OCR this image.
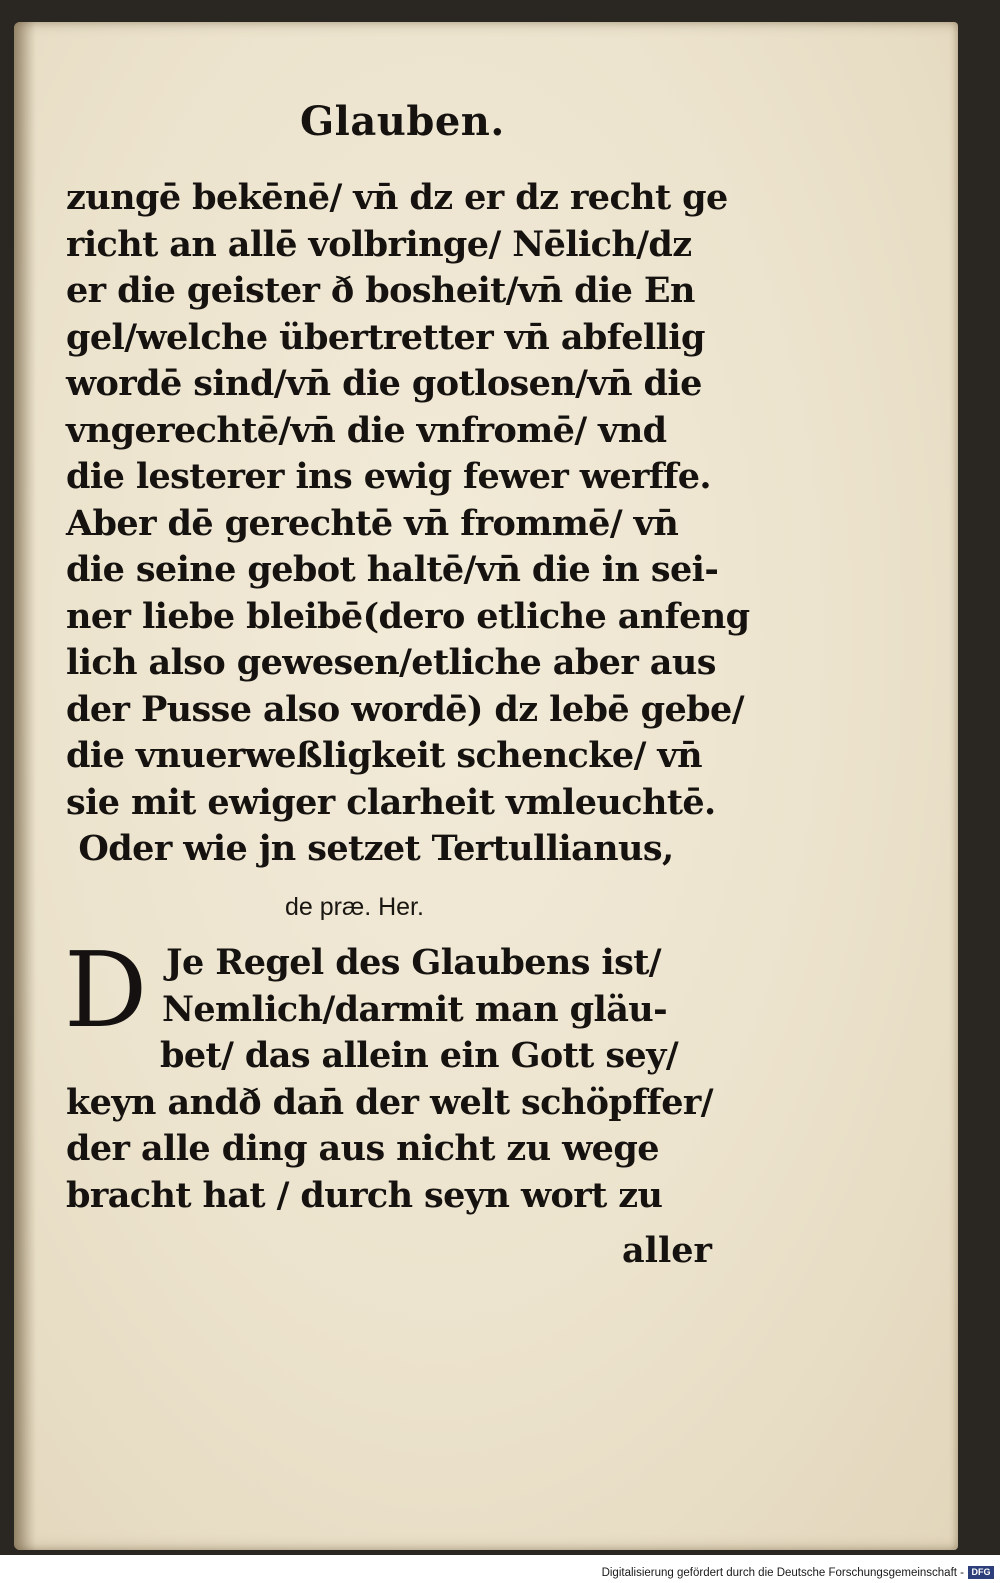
Glauben.
zungē bekēnē/ vn̄ dz er dz recht ge
richt an allē volbringe/ Nēlich/dz
er die geister ð bosheit/vn̄ die En
gel/welche übertretter vn̄ abfellig
wordē sind/vn̄ die gotlosen/vn̄ die
vngerechtē/vn̄ die vnfromē/ vnd
die lesterer ins ewig fewer werffe.
Aber dē gerechtē vn̄ frommē/ vn̄
die seine gebot haltē/vn̄ die in sei-
ner liebe bleibē(dero etliche anfeng
lich also gewesen/etliche aber aus
der Pusse also wordē) dz lebē gebe/
die vnuerweßligkeit schencke/ vn̄
sie mit ewiger clarheit vmleuchtē.
Oder wie jn setzet Tertullianus,
de præ. Her.
D Je Regel des Glaubens ist/
Nemlich/darmit man gläu-
bet/ das allein ein Gott sey/
keyn andð dan̄ der welt schöpffer/
der alle ding aus nicht zu wege
bracht hat / durch seyn wort zu
aller
Digitalisierung gefördert durch die Deutsche Forschungsgemeinschaft - DFG
